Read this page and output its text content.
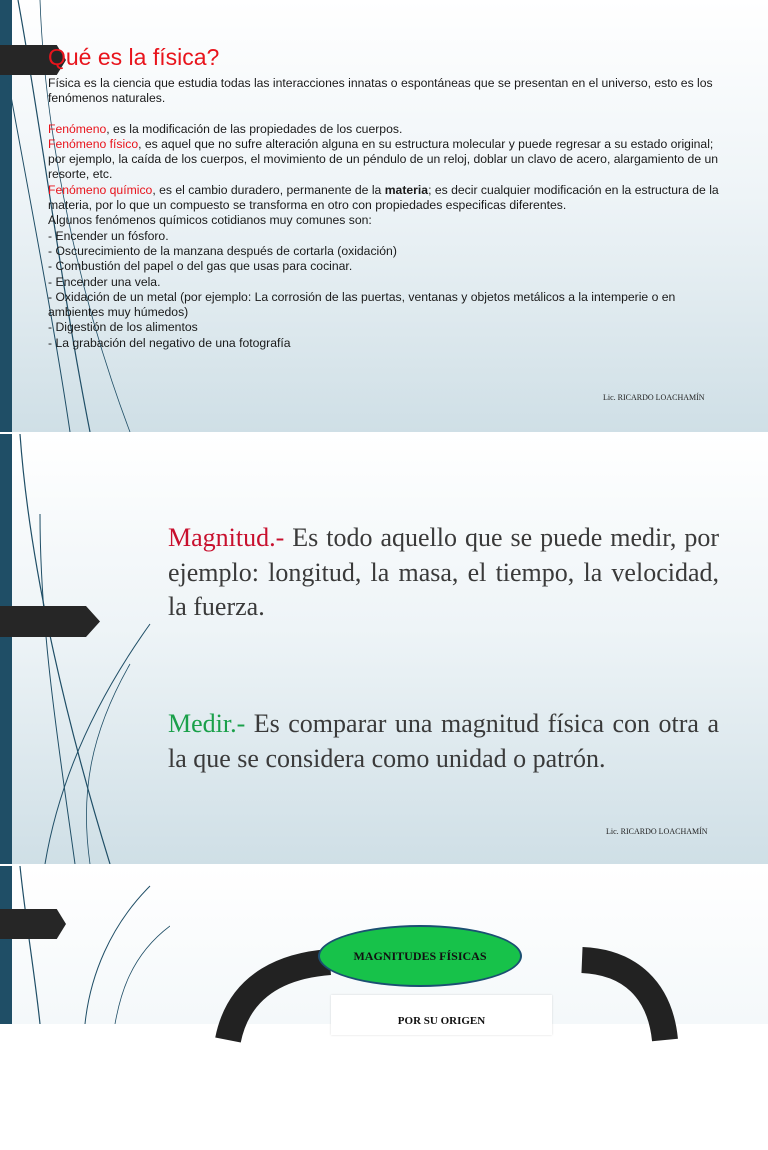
Qué es la física?

Física es la ciencia que estudia todas las interacciones innatas o espontáneas que se presentan en el universo, esto es los fenómenos naturales.

Fenómeno, es la modificación de las propiedades de los cuerpos.

Fenómeno físico, es aquel que no sufre alteración alguna en su estructura molecular y puede regresar a su estado original; por ejemplo, la caída de los cuerpos, el movimiento de un péndulo de un reloj, doblar un clavo de acero, alargamiento de un resorte, etc.

Fenómeno químico, es el cambio duradero, permanente de la materia; es decir cualquier modificación en la estructura de la materia, por lo que un compuesto se transforma en otro con propiedades especificas diferentes.

Algunos fenómenos químicos cotidianos muy comunes son:

- Encender un fósforo.

- Oscurecimiento de la manzana después de cortarla (oxidación)

- Combustión del papel o del gas que usas para cocinar.

- Encender una vela.

- Oxidación de un metal (por ejemplo: La corrosión de las puertas, ventanas y objetos metálicos a la intemperie o en ambientes muy húmedos)

- Digestión de los alimentos

- La grabación del negativo de una fotografía

Lic. RICARDO LOACHAMÍN
Magnitud.- Es todo aquello que se puede medir, por ejemplo: longitud, la masa, el tiempo, la velocidad, la fuerza.
Medir.- Es comparar una magnitud física con otra a la que se considera como unidad o patrón.
Lic. RICARDO LOACHAMÍN
MAGNITUDES FÍSICAS
POR SU ORIGEN
